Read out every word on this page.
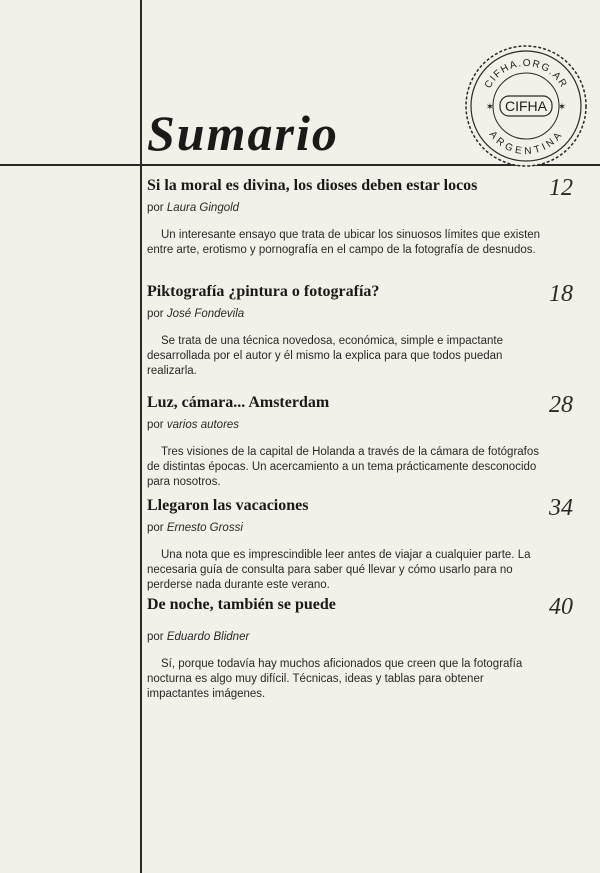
Sumario
CIFHA.ORG.AR
ARGENTINA
CIFHA
✶	✶
Si la moral es divina, los dioses deben estar locos	12
por Laura Gingold
Un interesante ensayo que trata de ubicar los sinuosos límites que existen entre arte, erotismo y pornografía en el campo de la fotografía de desnudos.
Piktografía ¿pintura o fotografía?	18
por José Fondevila
Se trata de una técnica novedosa, económica, simple e impactante desarrollada por el autor y él mismo la explica para que todos puedan realizarla.
Luz, cámara... Amsterdam	28
por varios autores
Tres visiones de la capital de Holanda a través de la cámara de fotógrafos de distintas épocas. Un acercamiento a un tema prácticamente desconocido para nosotros.
Llegaron las vacaciones	34
por Ernesto Grossi
Una nota que es imprescindible leer antes de viajar a cualquier parte. La necesaria guía de consulta para saber qué llevar y cómo usarlo para no perderse nada durante este verano.
De noche, también se puede	40
por Eduardo Blidner
Sí, porque todavía hay muchos aficionados que creen que la fotografía nocturna es algo muy difícil. Técnicas, ideas y tablas para obtener impactantes imágenes.
